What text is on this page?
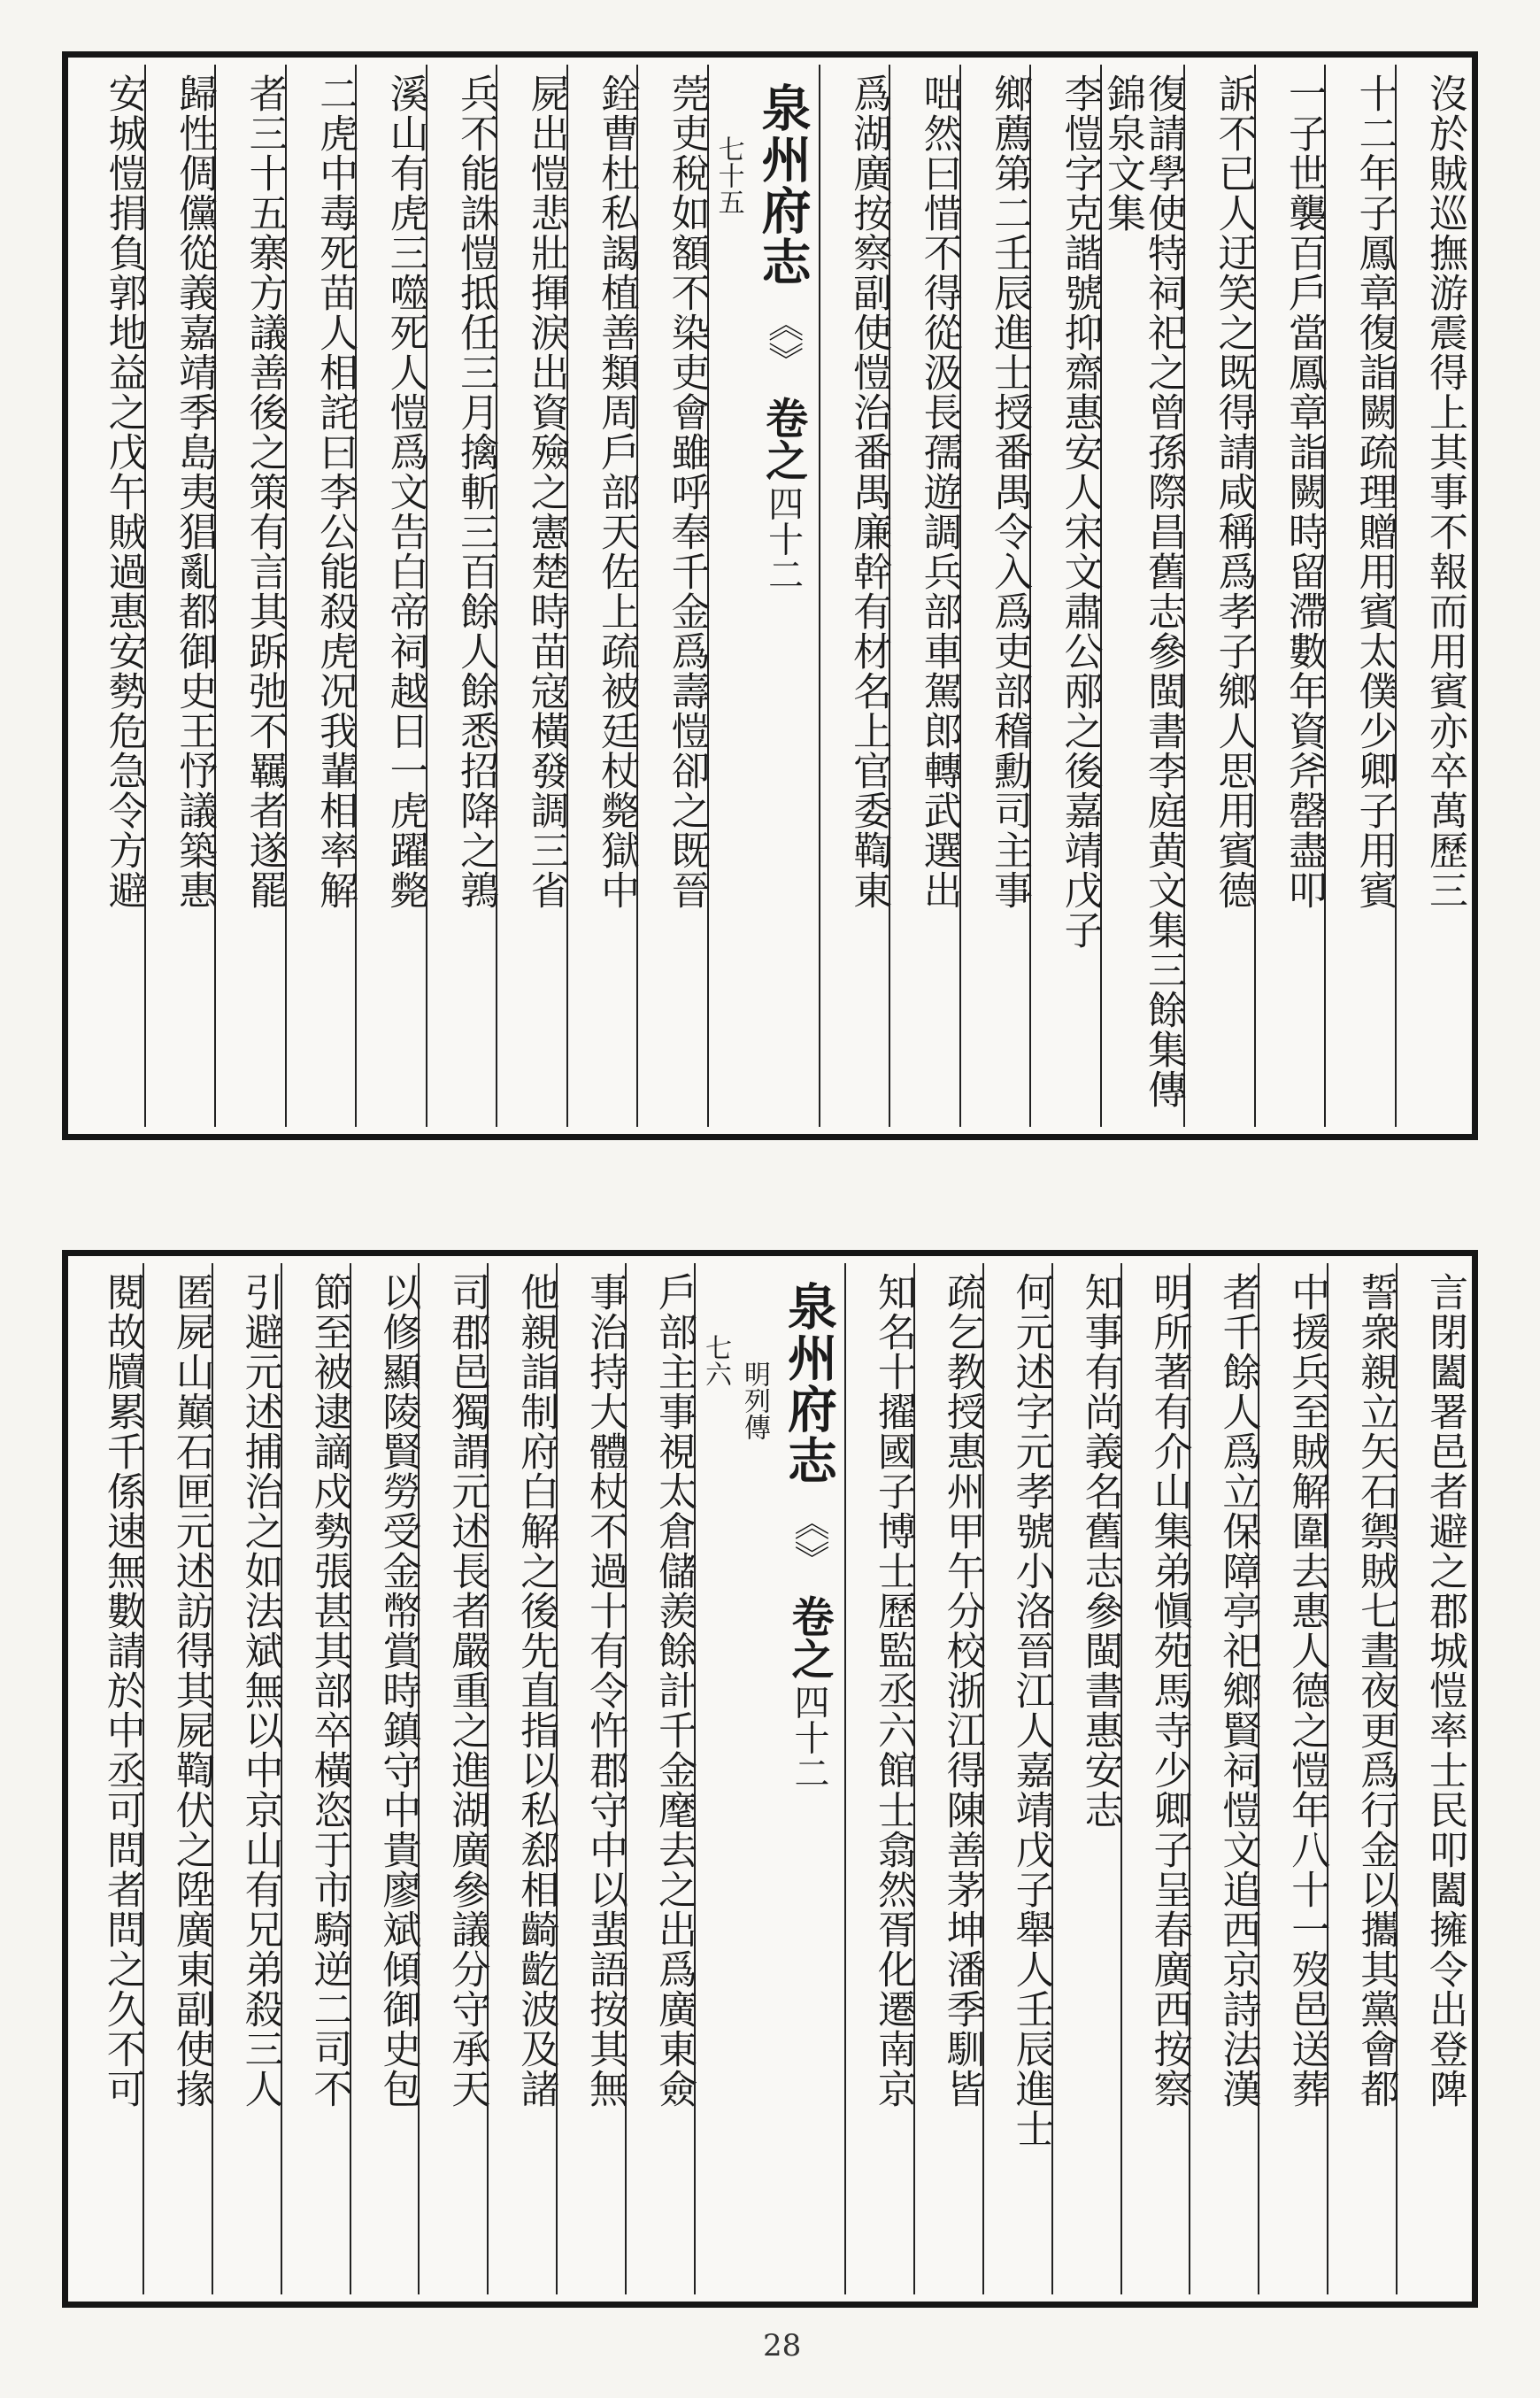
沒於賊巡撫游震得上其事不報而用賓亦卒萬歷三
十二年子鳳章復詣闕疏理贈用賓太僕少卿子用賓
一子世襲百戶當鳳章詣闕時留滯數年資斧罄盡叩
訴不已人迂笑之既得請咸稱爲孝子鄉人思用賓德
復請學使特祠祀之曾孫際昌舊志參閩書李庭黄文集三餘集傳錦泉文集
李愷字克諧號抑齋惠安人宋文肅公邴之後嘉靖戊子
鄉薦第二壬辰進士授番禺令入爲吏部稽勳司主事
咄然曰惜不得從汲長孺遊調兵部車駕郎轉武選出
爲湖廣按察副使愷治番禺廉幹有材名上官委鞫東
泉州府志 《》 卷之 四十二
七十五
莞吏稅如額不染吏會雖呼奉千金爲壽愷卻之既晉
銓曹杜私謁植善類周戶部天佐上疏被廷杖斃獄中
屍出愷悲壯揮淚出資殮之憲楚時苗寇橫發調三省
兵不能誅愷抵任三月擒斬三百餘人餘悉招降之鶉
溪山有虎三噬死人愷爲文告白帝祠越日一虎躍斃
二虎中毒死苗人相詫曰李公能殺虎况我輩相率解
者三十五寨方議善後之策有言其跅弛不羈者遂罷
歸性倜儻從義嘉靖季島夷猖亂都御史王忬議築惠
安城愷捐負郭地益之戊午賊過惠安勢危急令方避
言閉闔署邑者避之郡城愷率士民叩闔擁令出登陴
誓衆親立矢石禦賊七晝夜更爲行金以攜其黨會都
中援兵至賊解圍去惠人德之愷年八十一歿邑送葬
者千餘人爲立保障亭祀鄉賢祠愷文追西京詩法漢
明所著有介山集弟愼苑馬寺少卿子呈春廣西按察
知事有尚義名舊志參閩書惠安志
何元述字元孝號小洛晉江人嘉靖戊子舉人壬辰進士
疏乞教授惠州甲午分校浙江得陳善茅坤潘季馴皆
知名十擢國子博士歷監丞六館士翕然胥化遷南京
泉州府志 《》 卷之 四十二
明列傳
七六
戶部主事視太倉儲羨餘計千金麾去之出爲廣東僉
事治持大體杖不過十有令忤郡守中以蜚語按其無
他親詣制府白解之後先直指以私郄相齮齕波及諸
司郡邑獨謂元述長者嚴重之進湖廣參議分守承天
以修顯陵賢勞受金幣賞時鎮守中貴廖斌傾御史包
節至被逮謫戍勢張甚其部卒橫恣于市騎逆二司不
引避元述捕治之如法斌無以中京山有兄弟殺三人
匿屍山巔石匣元述訪得其屍鞫伏之陞廣東副使掾
閱故牘累千係速無數請於中丞可問者問之久不可
28
